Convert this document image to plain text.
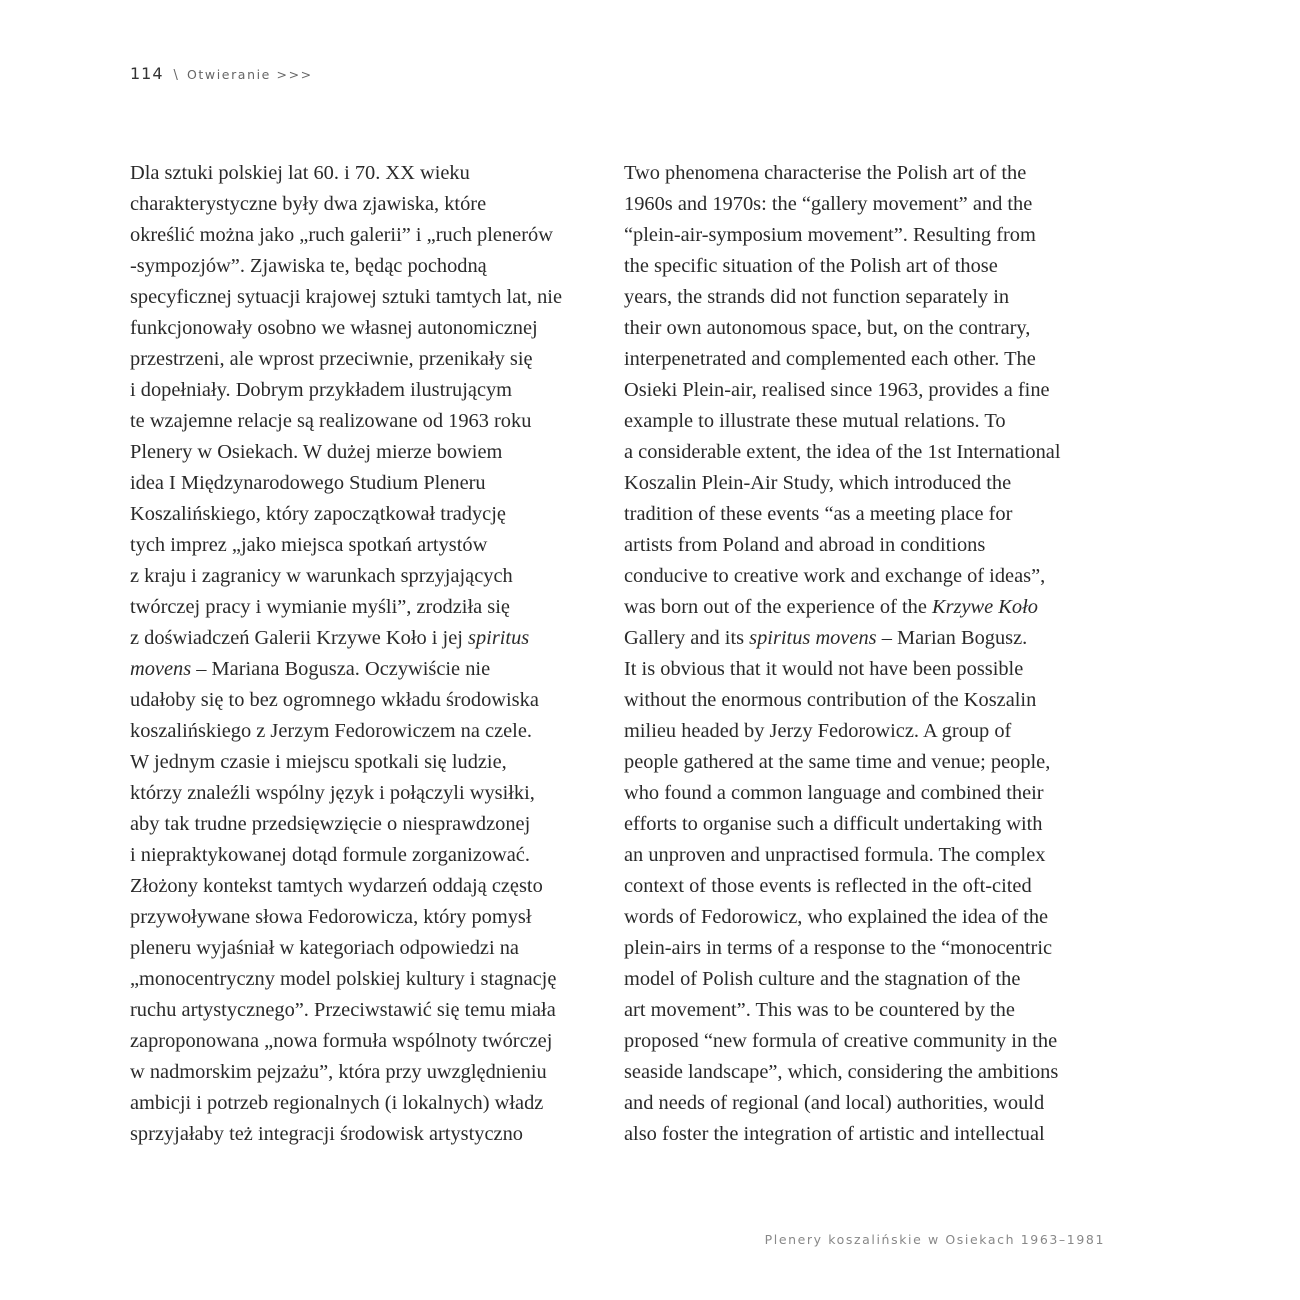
114 \ Otwieranie >>>
Dla sztuki polskiej lat 60. i 70. XX wieku
charakterystyczne były dwa zjawiska, które
określić można jako „ruch galerii” i „ruch plenerów
-sympozjów”. Zjawiska te, będąc pochodną
specyficznej sytuacji krajowej sztuki tamtych lat, nie
funkcjonowały osobno we własnej autonomicznej
przestrzeni, ale wprost przeciwnie, przenikały się
i dopełniały. Dobrym przykładem ilustrującym
te wzajemne relacje są realizowane od 1963 roku
Plenery w Osiekach. W dużej mierze bowiem
idea I Międzynarodowego Studium Pleneru
Koszalińskiego, który zapoczątkował tradycję
tych imprez „jako miejsca spotkań artystów
z kraju i zagranicy w warunkach sprzyjających
twórczej pracy i wymianie myśli”, zrodziła się
z doświadczeń Galerii Krzywe Koło i jej spiritus
movens – Mariana Bogusza. Oczywiście nie
udałoby się to bez ogromnego wkładu środowiska
koszalińskiego z Jerzym Fedorowiczem na czele.
W jednym czasie i miejscu spotkali się ludzie,
którzy znaleźli wspólny język i połączyli wysiłki,
aby tak trudne przedsięwzięcie o niesprawdzonej
i niepraktykowanej dotąd formule zorganizować.
Złożony kontekst tamtych wydarzeń oddają często
przywoływane słowa Fedorowicza, który pomysł
pleneru wyjaśniał w kategoriach odpowiedzi na
„monocentryczny model polskiej kultury i stagnację
ruchu artystycznego”. Przeciwstawić się temu miała
zaproponowana „nowa formuła wspólnoty twórczej
w nadmorskim pejzażu”, która przy uwzględnieniu
ambicji i potrzeb regionalnych (i lokalnych) władz
sprzyjałaby też integracji środowisk artystyczno
Two phenomena characterise the Polish art of the
1960s and 1970s: the “gallery movement” and the
“plein-air-symposium movement”. Resulting from
the specific situation of the Polish art of those
years, the strands did not function separately in
their own autonomous space, but, on the contrary,
interpenetrated and complemented each other. The
Osieki Plein-air, realised since 1963, provides a fine
example to illustrate these mutual relations. To
a considerable extent, the idea of the 1st International
Koszalin Plein-Air Study, which introduced the
tradition of these events “as a meeting place for
artists from Poland and abroad in conditions
conducive to creative work and exchange of ideas”,
was born out of the experience of the Krzywe Koło
Gallery and its spiritus movens – Marian Bogusz.
It is obvious that it would not have been possible
without the enormous contribution of the Koszalin
milieu headed by Jerzy Fedorowicz. A group of
people gathered at the same time and venue; people,
who found a common language and combined their
efforts to organise such a difficult undertaking with
an unproven and unpractised formula. The complex
context of those events is reflected in the oft-cited
words of Fedorowicz, who explained the idea of the
plein-airs in terms of a response to the “monocentric
model of Polish culture and the stagnation of the
art movement”. This was to be countered by the
proposed “new formula of creative community in the
seaside landscape”, which, considering the ambitions
and needs of regional (and local) authorities, would
also foster the integration of artistic and intellectual
Plenery koszalińskie w Osiekach 1963–1981
